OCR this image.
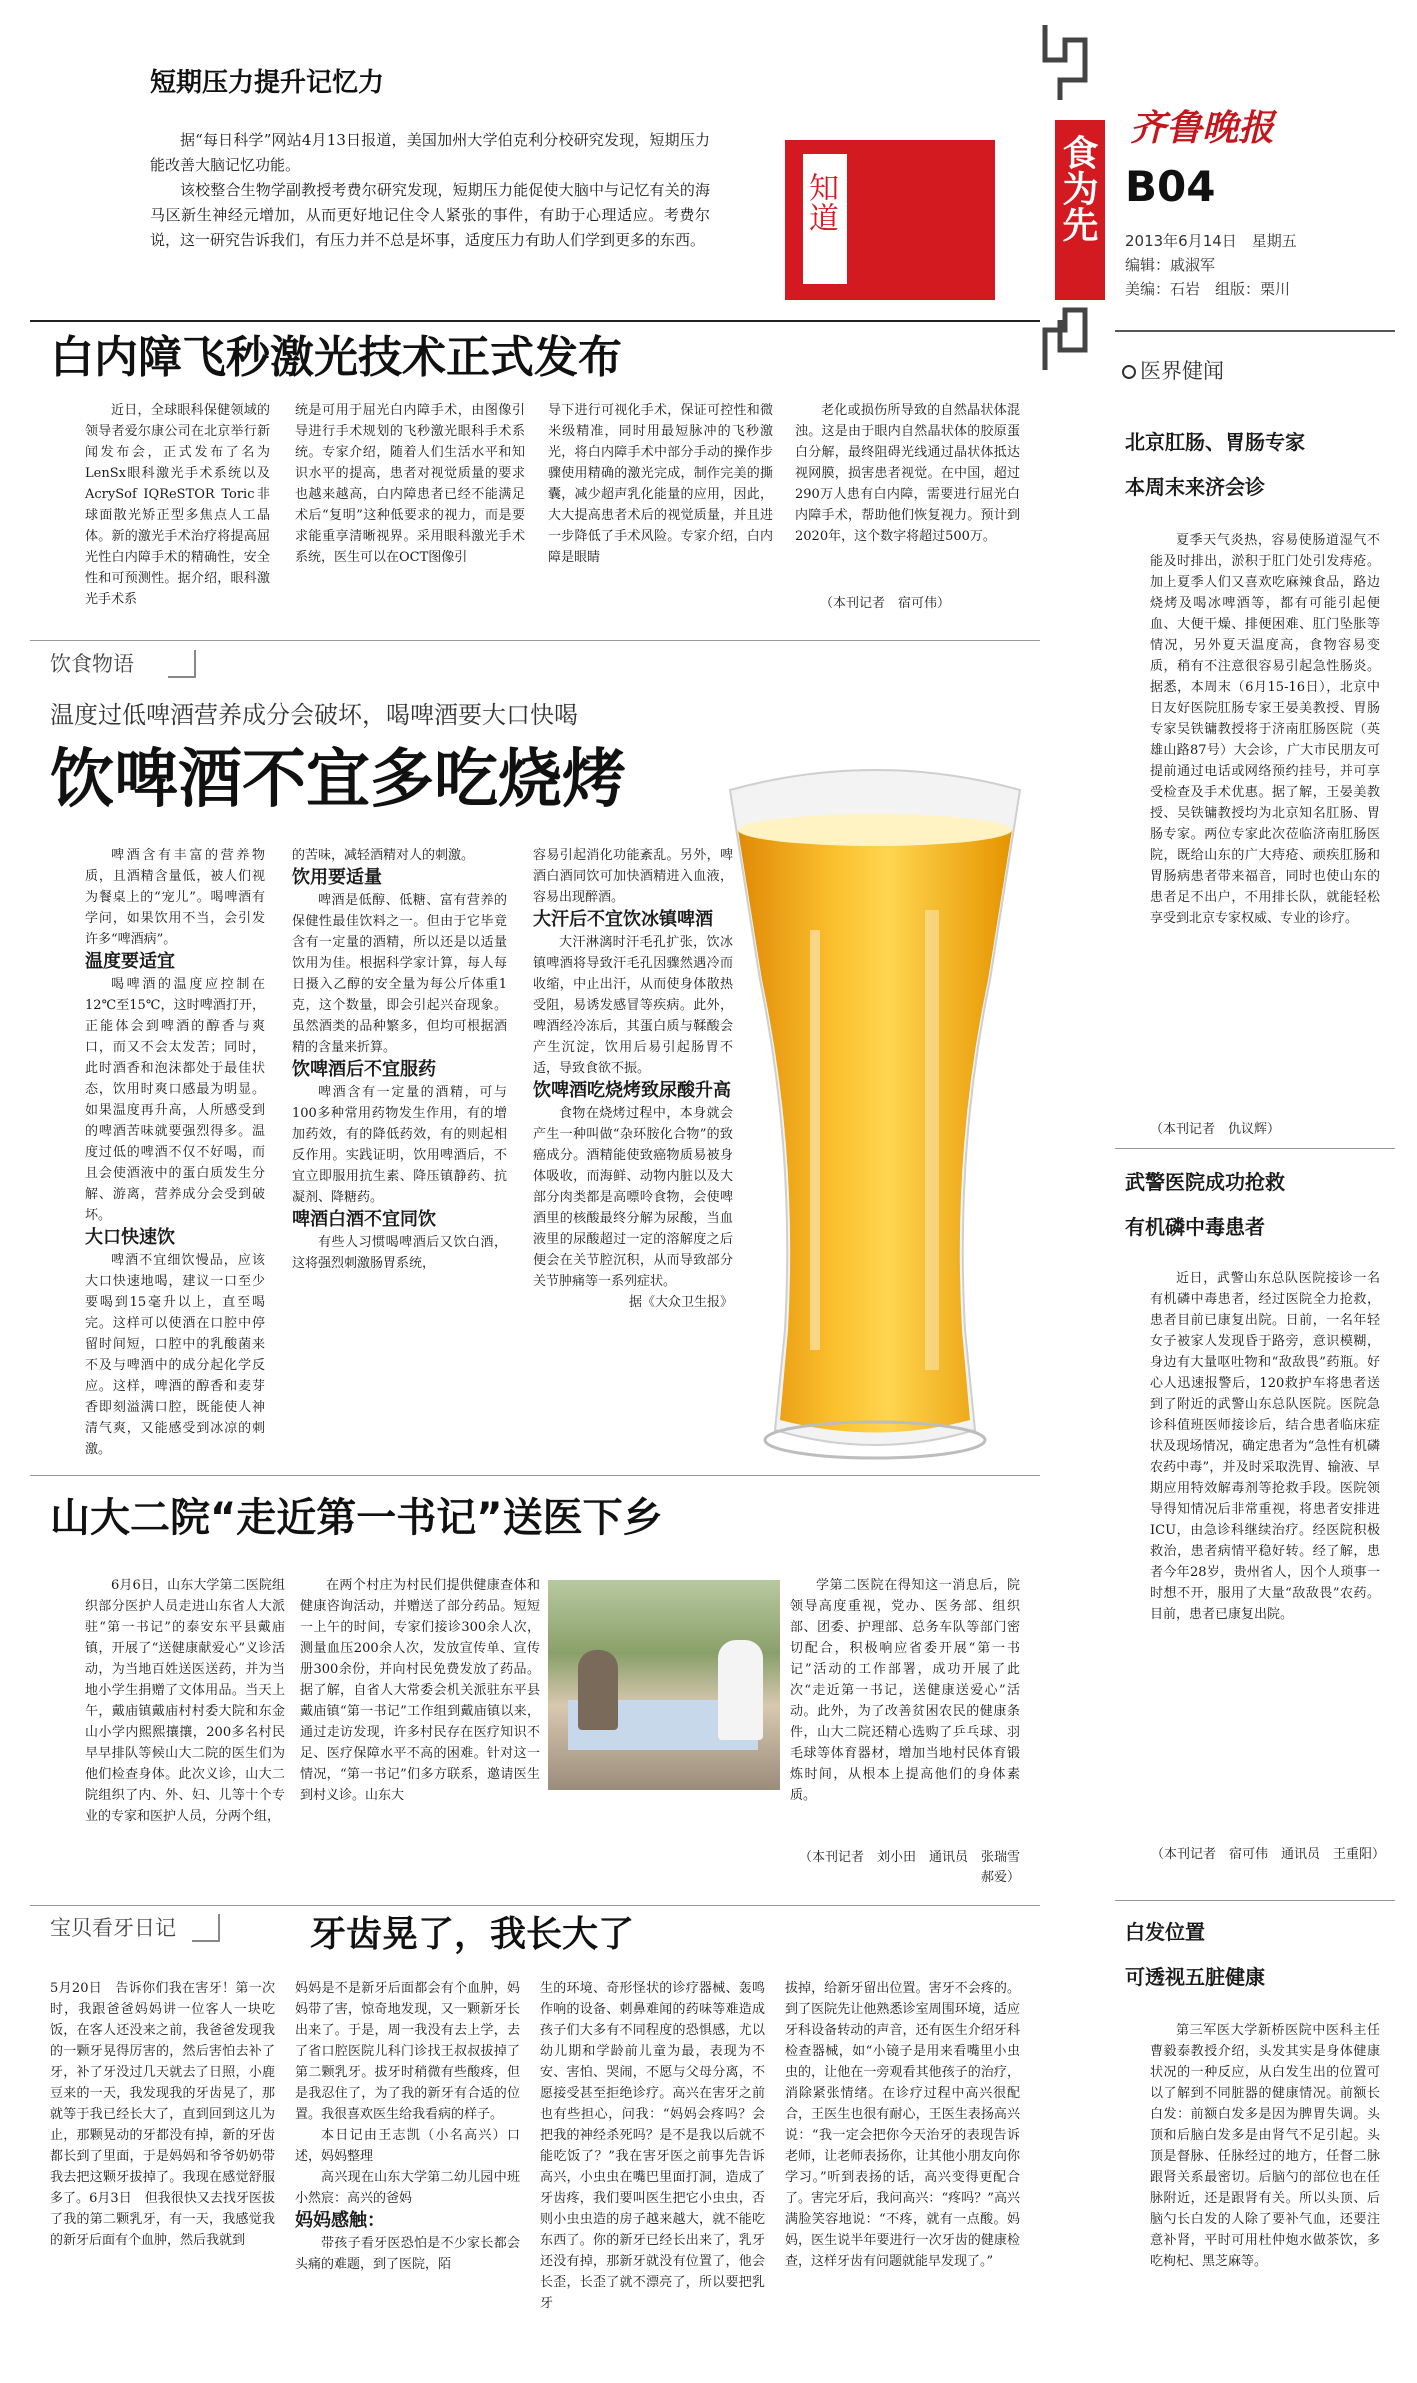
短期压力提升记忆力

据“每日科学”网站4月13日报道，美国加州大学伯克利分校研究发现，短期压力能改善大脑记忆功能。

该校整合生物学副教授考费尔研究发现，短期压力能促使大脑中与记忆有关的海马区新生神经元增加，从而更好地记住令人紧张的事件，有助于心理适应。考费尔说，这一研究告诉我们，有压力并不总是坏事，适度压力有助人们学到更多的东西。

知道
白内障飞秒激光技术正式发布
近日，全球眼科保健领域的领导者爱尔康公司在北京举行新闻发布会，正式发布了名为LenSx眼科激光手术系统以及AcrySof IQReSTOR Toric非球面散光矫正型多焦点人工晶体。新的激光手术治疗将提高屈光性白内障手术的精确性，安全性和可预测性。据介绍，眼科激光手术系
统是可用于屈光白内障手术，由图像引导进行手术规划的飞秒激光眼科手术系统。专家介绍，随着人们生活水平和知识水平的提高，患者对视觉质量的要求也越来越高，白内障患者已经不能满足术后“复明”这种低要求的视力，而是要求能重享清晰视界。采用眼科激光手术系统，医生可以在OCT图像引
导下进行可视化手术，保证可控性和微米级精准，同时用最短脉冲的飞秒激光，将白内障手术中部分手动的操作步骤使用精确的激光完成，制作完美的撕囊，减少超声乳化能量的应用，因此，大大提高患者术后的视觉质量，并且进一步降低了手术风险。专家介绍，白内障是眼睛
老化或损伤所导致的自然晶状体混浊。这是由于眼内自然晶状体的胶原蛋白分解，最终阻碍光线通过晶状体抵达视网膜，损害患者视觉。在中国，超过290万人患有白内障，需要进行屈光白内障手术，帮助他们恢复视力。预计到2020年，这个数字将超过500万。
（本刊记者　宿可伟）
饮食物语
温度过低啤酒营养成分会破坏，喝啤酒要大口快喝
饮啤酒不宜多吃烧烤

啤酒含有丰富的营养物质，且酒精含量低，被人们视为餐桌上的“宠儿”。喝啤酒有学问，如果饮用不当，会引发许多“啤酒病”。

温度要适宜

喝啤酒的温度应控制在12℃至15℃，这时啤酒打开，正能体会到啤酒的醇香与爽口，而又不会太发苦；同时，此时酒香和泡沫都处于最佳状态，饮用时爽口感最为明显。如果温度再升高，人所感受到的啤酒苦味就要强烈得多。温度过低的啤酒不仅不好喝，而且会使酒液中的蛋白质发生分解、游离，营养成分会受到破坏。

大口快速饮

啤酒不宜细饮慢品，应该大口快速地喝，建议一口至少要喝到15毫升以上，直至喝完。这样可以使酒在口腔中停留时间短，口腔中的乳酸菌来不及与啤酒中的成分起化学反应。这样，啤酒的醇香和麦芽香即刻溢满口腔，既能使人神清气爽，又能感受到冰凉的刺激。

的苦味，减轻酒精对人的刺激。

饮用要适量

啤酒是低醇、低糖、富有营养的保健性最佳饮料之一。但由于它毕竟含有一定量的酒精，所以还是以适量饮用为佳。根据科学家计算，每人每日摄入乙醇的安全量为每公斤体重1克，这个数量，即会引起兴奋现象。虽然酒类的品种繁多，但均可根据酒精的含量来折算。

饮啤酒后不宜服药

啤酒含有一定量的酒精，可与100多种常用药物发生作用，有的增加药效，有的降低药效，有的则起相反作用。实践证明，饮用啤酒后，不宜立即服用抗生素、降压镇静药、抗凝剂、降糖药。

啤酒白酒不宜同饮

有些人习惯喝啤酒后又饮白酒，这将强烈刺激肠胃系统，

容易引起消化功能紊乱。另外，啤酒白酒同饮可加快酒精进入血液，容易出现醉酒。

大汗后不宜饮冰镇啤酒

大汗淋漓时汗毛孔扩张，饮冰镇啤酒将导致汗毛孔因骤然遇冷而收缩，中止出汗，从而使身体散热受阻，易诱发感冒等疾病。此外，啤酒经冷冻后，其蛋白质与鞣酸会产生沉淀，饮用后易引起肠胃不适，导致食欲不振。

饮啤酒吃烧烤致尿酸升高

食物在烧烤过程中，本身就会产生一种叫做“杂环胺化合物”的致癌成分。酒精能使致癌物质易被身体吸收，而海鲜、动物内脏以及大部分肉类都是高嘌呤食物，会使啤酒里的核酸最终分解为尿酸，当血液里的尿酸超过一定的溶解度之后便会在关节腔沉积，从而导致部分关节肿痛等一系列症状。

据《大众卫生报》

山大二院“走近第一书记”送医下乡
6月6日，山东大学第二医院组织部分医护人员走进山东省人大派驻“第一书记”的泰安东平县戴庙镇，开展了“送健康献爱心”义诊活动，为当地百姓送医送药，并为当地小学生捐赠了文体用品。当天上午，戴庙镇戴庙村村委大院和东金山小学内熙熙攘攘，200多名村民早早排队等候山大二院的医生们为他们检查身体。此次义诊，山大二院组织了内、外、妇、儿等十个专业的专家和医护人员，分两个组，
在两个村庄为村民们提供健康查体和健康咨询活动，并赠送了部分药品。短短一上午的时间，专家们接诊300余人次，测量血压200余人次，发放宣传单、宣传册300余份，并向村民免费发放了药品。据了解，自省人大常委会机关派驻东平县戴庙镇“第一书记”工作组到戴庙镇以来，通过走访发现，许多村民存在医疗知识不足、医疗保障水平不高的困难。针对这一情况，“第一书记”们多方联系，邀请医生到村义诊。山东大
学第二医院在得知这一消息后，院领导高度重视，党办、医务部、组织部、团委、护理部、总务车队等部门密切配合，积极响应省委开展“第一书记”活动的工作部署，成功开展了此次“走近第一书记，送健康送爱心”活动。此外，为了改善贫困农民的健康条件，山大二院还精心选购了乒乓球、羽毛球等体育器材，增加当地村民体育锻炼时间，从根本上提高他们的身体素质。
（本刊记者　刘小田　通讯员　张瑞雪　郝爱）
宝贝看牙日记	牙齿晃了，我长大了
5月20日　告诉你们我在害牙！第一次时，我跟爸爸妈妈讲一位客人一块吃饭，在客人还没来之前，我爸爸发现我的一颗牙晃得厉害的，然后害怕去补了牙，补了牙没过几天就去了日照，小鹿豆来的一天，我发现我的牙齿晃了，那就等于我已经长大了，直到回到这儿为止，那颗晃动的牙都没有掉，新的牙齿都长到了里面，于是妈妈和爷爷奶奶带我去把这颗牙拔掉了。我现在感觉舒服多了。6月3日　但我很快又去找牙医拔了我的第二颗乳牙，有一天，我感觉我的新牙后面有个血肿，然后我就到

妈妈是不是新牙后面都会有个血肿，妈妈带了害，惊奇地发现，又一颗新牙长出来了。于是，周一我没有去上学，去了省口腔医院儿科门诊找王叔叔拔掉了第二颗乳牙。拔牙时稍微有些酸疼，但是我忍住了，为了我的新牙有合适的位置。我很喜欢医生给我看病的样子。

本日记由王志凯（小名高兴）口述，妈妈整理

高兴现在山东大学第二幼儿园中班　小然宸：高兴的爸妈

妈妈感触：

带孩子看牙医恐怕是不少家长都会头痛的难题，到了医院，陌

生的环境、奇形怪状的诊疗器械、轰鸣作响的设备、刺鼻难闻的药味等难造成孩子们大多有不同程度的恐惧感，尤以幼儿期和学龄前儿童为最，表现为不安、害怕、哭闹，不愿与父母分离，不愿接受甚至拒绝诊疗。高兴在害牙之前也有些担心，问我：“妈妈会疼吗？会把我的神经杀死吗？是不是我以后就不能吃饭了？”我在害牙医之前事先告诉高兴，小虫虫在嘴巴里面打洞，造成了牙齿疼，我们要叫医生把它小虫虫，否则小虫虫造的房子越来越大，就不能吃东西了。你的新牙已经长出来了，乳牙还没有掉，那新牙就没有位置了，他会长歪，长歪了就不漂亮了，所以要把乳牙
拔掉，给新牙留出位置。害牙不会疼的。到了医院先让他熟悉诊室周围环境，适应牙科设备转动的声音，还有医生介绍牙科检查器械，如“小镜子是用来看嘴里小虫虫的，让他在一旁观看其他孩子的治疗，消除紧张情绪。在诊疗过程中高兴很配合，王医生也很有耐心，王医生表扬高兴说：“我一定会把你今天治牙的表现告诉老师，让老师表扬你，让其他小朋友向你学习。”听到表扬的话，高兴变得更配合了。害完牙后，我问高兴：“疼吗？”高兴满脸笑容地说：“不疼，就有一点酸。妈妈，医生说半年要进行一次牙齿的健康检查，这样牙齿有问题就能早发现了。”
食为先
齐鲁晚报
B04
2013年6月14日　星期五
编辑：戚淑军
美编：石岩　组版：栗川
医界健闻
北京肛肠、胃肠专家
本周末来济会诊

夏季天气炎热，容易使肠道湿气不能及时排出，淤积于肛门处引发痔疮。加上夏季人们又喜欢吃麻辣食品，路边烧烤及喝冰啤酒等，都有可能引起便血、大便干燥、排便困难、肛门坠胀等情况，另外夏天温度高，食物容易变质，稍有不注意很容易引起急性肠炎。据悉，本周末（6月15-16日），北京中日友好医院肛肠专家王晏美教授、胃肠专家吴铁镛教授将于济南肛肠医院（英雄山路87号）大会诊，广大市民朋友可提前通过电话或网络预约挂号，并可享受检查及手术优惠。据了解，王晏美教授、吴铁镛教授均为北京知名肛肠、胃肠专家。两位专家此次莅临济南肛肠医院，既给山东的广大痔疮、顽疾肛肠和胃肠病患者带来福音，同时也使山东的患者足不出户，不用排长队，就能轻松享受到北京专家权威、专业的诊疗。

（本刊记者　仇议辉）
武警医院成功抢救
有机磷中毒患者

近日，武警山东总队医院接诊一名有机磷中毒患者，经过医院全力抢救，患者目前已康复出院。日前，一名年轻女子被家人发现昏于路旁，意识模糊，身边有大量呕吐物和“敌敌畏”药瓶。好心人迅速报警后，120救护车将患者送到了附近的武警山东总队医院。医院急诊科值班医师接诊后，结合患者临床症状及现场情况，确定患者为“急性有机磷农药中毒”，并及时采取洗胃、输液、早期应用特效解毒剂等抢救手段。医院领导得知情况后非常重视，将患者安排进ICU，由急诊科继续治疗。经医院积极救治，患者病情平稳好转。经了解，患者今年28岁，贵州省人，因个人琐事一时想不开，服用了大量“敌敌畏”农药。目前，患者已康复出院。

（本刊记者　宿可伟　通讯员　王重阳）
白发位置
可透视五脏健康

第三军医大学新桥医院中医科主任曹毅泰教授介绍，头发其实是身体健康状况的一种反应，从白发生出的位置可以了解到不同脏器的健康情况。前额长白发：前额白发多是因为脾胃失调。头顶和后脑白发多是由肾气不足引起。头顶是督脉、任脉经过的地方，任督二脉跟肾关系最密切。后脑勺的部位也在任脉附近，还是跟肾有关。所以头顶、后脑勺长白发的人除了要补气血，还要注意补肾，平时可用杜仲炮水做茶饮，多吃枸杞、黑芝麻等。
